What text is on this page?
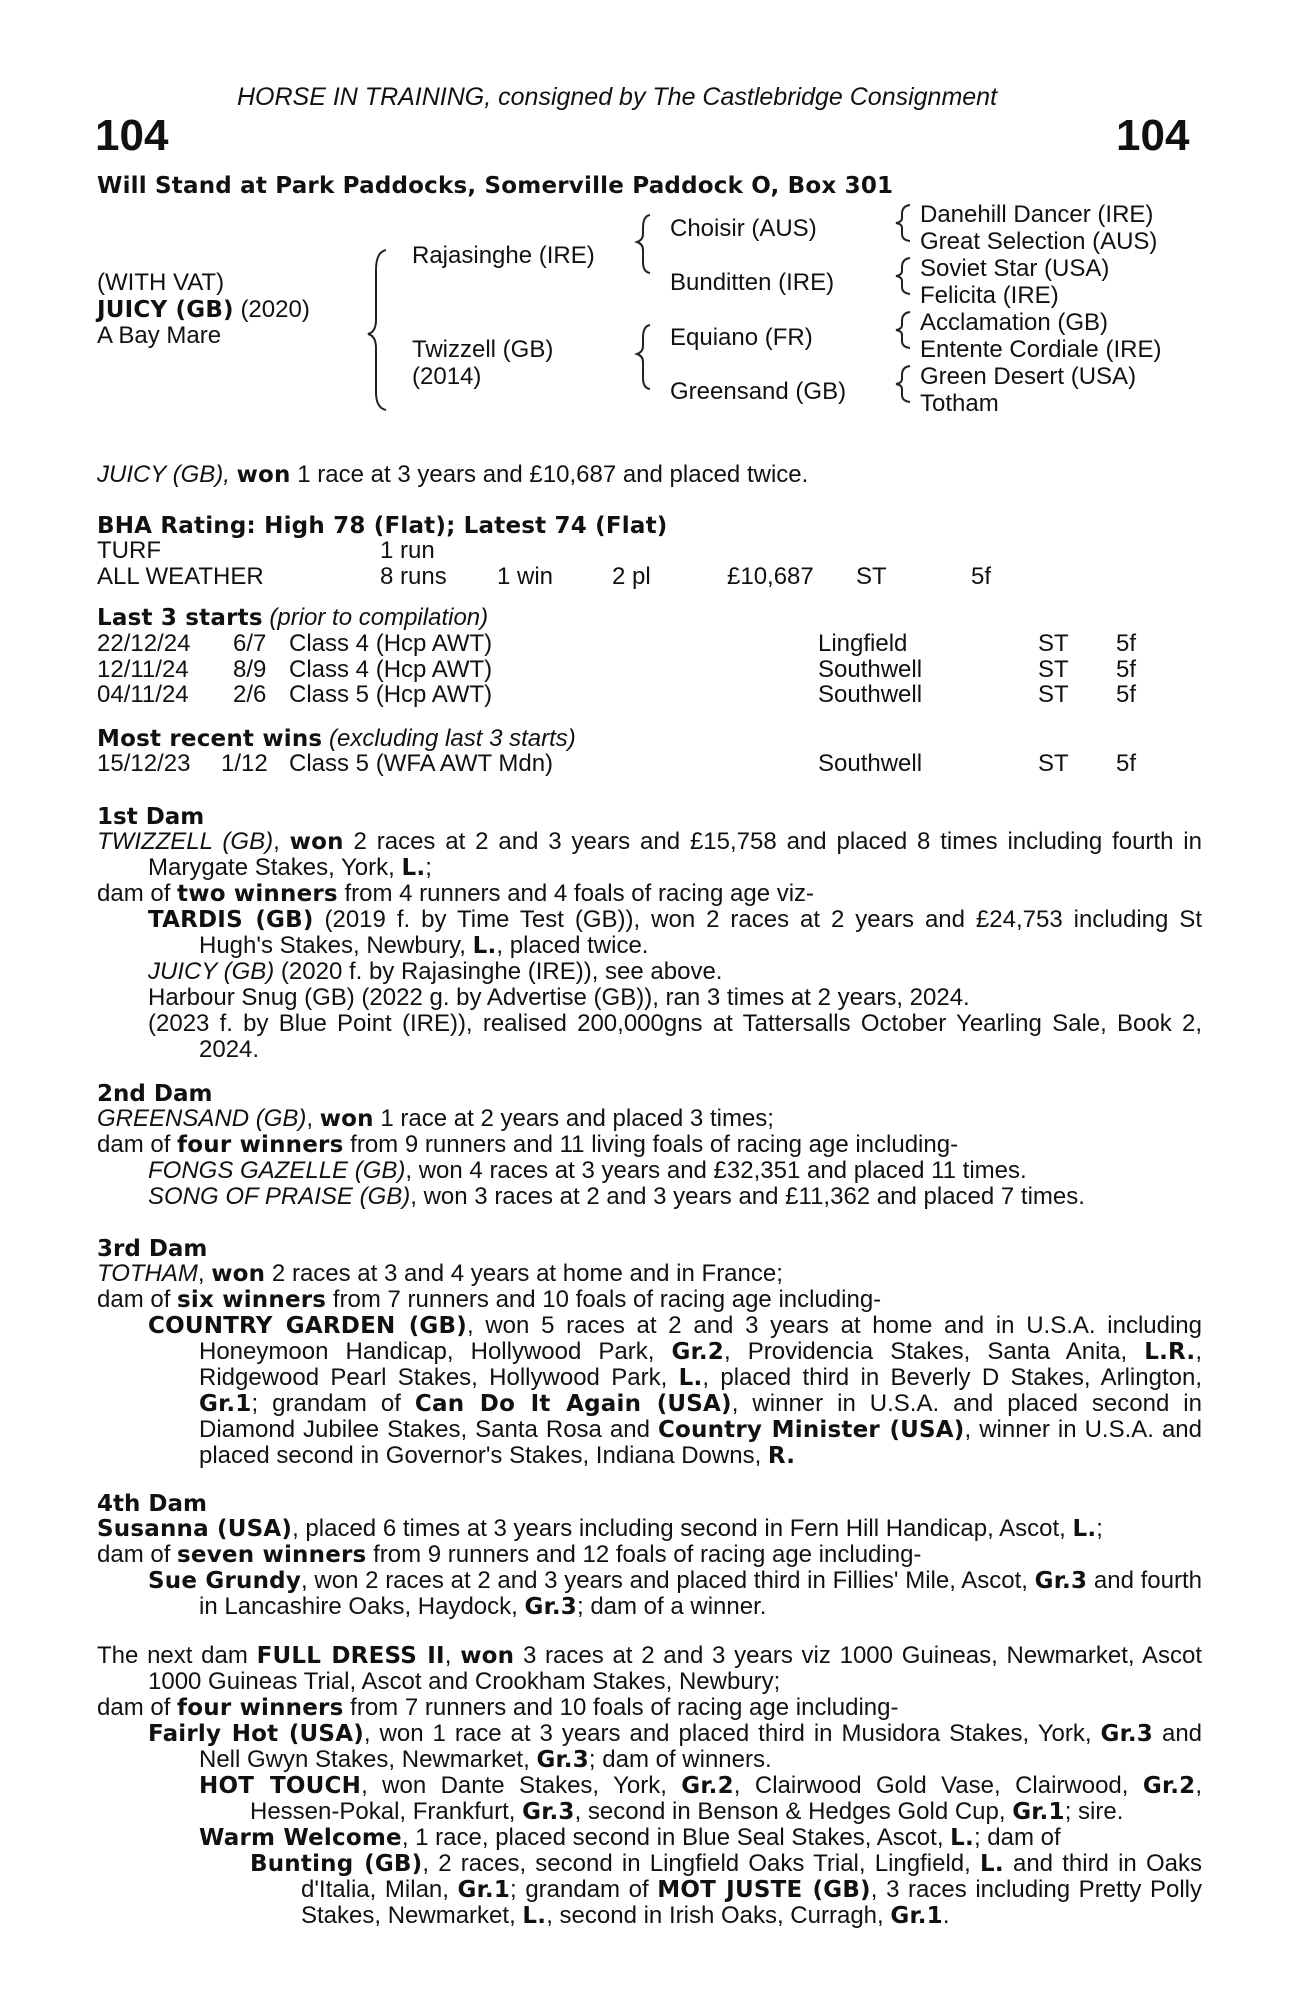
HORSE IN TRAINING, consigned by The Castlebridge Consignment
104	104
Will Stand at Park Paddocks, Somerville Paddock O, Box 301
(WITH VAT)
JUICY (GB) (2020)
A Bay Mare
Rajasinghe (IRE)
Twizzell (GB)
(2014)
Choisir (AUS)
Bunditten (IRE)
Equiano (FR)
Greensand (GB)
Danehill Dancer (IRE)
Great Selection (AUS)
Soviet Star (USA)
Felicita (IRE)
Acclamation (GB)
Entente Cordiale (IRE)
Green Desert (USA)
Totham
JUICY (GB), won 1 race at 3 years and £10,687 and placed twice.
BHA Rating: High 78 (Flat); Latest 74 (Flat)
TURF	1 run
ALL WEATHER	8 runs 1 win 2 pl	£10,687 ST	5f
Last 3 starts (prior to compilation)
22/12/24 6/7 Class 4 (Hcp AWT)	Lingfield	ST 5f
12/11/24 8/9 Class 4 (Hcp AWT)	Southwell	ST 5f
04/11/24 2/6 Class 5 (Hcp AWT)	Southwell	ST 5f
Most recent wins (excluding last 3 starts)
15/12/23 1/12 Class 5 (WFA AWT Mdn)	Southwell	ST 5f
1st Dam

TWIZZELL (GB), won 2 races at 2 and 3 years and £15,758 and placed 8 times including fourth in Marygate Stakes, York, L.;

dam of two winners from 4 runners and 4 foals of racing age viz-

TARDIS (GB) (2019 f. by Time Test (GB)), won 2 races at 2 years and £24,753 including St Hugh's Stakes, Newbury, L., placed twice.

JUICY (GB) (2020 f. by Rajasinghe (IRE)), see above.

Harbour Snug (GB) (2022 g. by Advertise (GB)), ran 3 times at 2 years, 2024.

(2023 f. by Blue Point (IRE)), realised 200,000gns at Tattersalls October Yearling Sale, Book 2, 2024.

2nd Dam

GREENSAND (GB), won 1 race at 2 years and placed 3 times;

dam of four winners from 9 runners and 11 living foals of racing age including-

FONGS GAZELLE (GB), won 4 races at 3 years and £32,351 and placed 11 times.

SONG OF PRAISE (GB), won 3 races at 2 and 3 years and £11,362 and placed 7 times.

3rd Dam

TOTHAM, won 2 races at 3 and 4 years at home and in France;

dam of six winners from 7 runners and 10 foals of racing age including-

COUNTRY GARDEN (GB), won 5 races at 2 and 3 years at home and in U.S.A. including Honeymoon Handicap, Hollywood Park, Gr.2, Providencia Stakes, Santa Anita, L.R., Ridgewood Pearl Stakes, Hollywood Park, L., placed third in Beverly D Stakes, Arlington, Gr.1; grandam of Can Do It Again (USA), winner in U.S.A. and placed second in Diamond Jubilee Stakes, Santa Rosa and Country Minister (USA), winner in U.S.A. and placed second in Governor's Stakes, Indiana Downs, R.

4th Dam

Susanna (USA), placed 6 times at 3 years including second in Fern Hill Handicap, Ascot, L.;

dam of seven winners from 9 runners and 12 foals of racing age including-

Sue Grundy, won 2 races at 2 and 3 years and placed third in Fillies' Mile, Ascot, Gr.3 and fourth in Lancashire Oaks, Haydock, Gr.3; dam of a winner.

The next dam FULL DRESS II, won 3 races at 2 and 3 years viz 1000 Guineas, Newmarket, Ascot 1000 Guineas Trial, Ascot and Crookham Stakes, Newbury;

dam of four winners from 7 runners and 10 foals of racing age including-

Fairly Hot (USA), won 1 race at 3 years and placed third in Musidora Stakes, York, Gr.3 and Nell Gwyn Stakes, Newmarket, Gr.3; dam of winners.

HOT TOUCH, won Dante Stakes, York, Gr.2, Clairwood Gold Vase, Clairwood, Gr.2, Hessen-Pokal, Frankfurt, Gr.3, second in Benson & Hedges Gold Cup, Gr.1; sire.

Warm Welcome, 1 race, placed second in Blue Seal Stakes, Ascot, L.; dam of

Bunting (GB), 2 races, second in Lingfield Oaks Trial, Lingfield, L. and third in Oaks d'Italia, Milan, Gr.1; grandam of MOT JUSTE (GB), 3 races including Pretty Polly Stakes, Newmarket, L., second in Irish Oaks, Curragh, Gr.1.
